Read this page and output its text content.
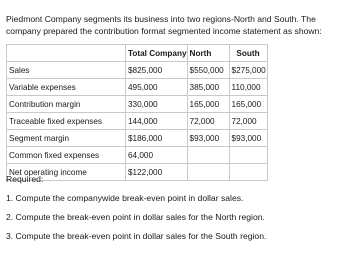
Piedmont Company segments its business into two regions-North and South. The company prepared the contribution format segmented income statement as shown:
	Total Company	North	South
Sales	$825,000	$550,000	$275,000
Variable expenses	495,000	385,000	110,000
Contribution margin	330,000	165,000	165,000
Traceable fixed expenses	144,000	72,000	72,000
Segment margin	$186,000	$93,000	$93,000
Common fixed expenses	64,000		
Net operating income	$122,000		
Required:
1. Compute the companywide break-even point in dollar sales.
2. Compute the break-even point in dollar sales for the North region.
3. Compute the break-even point in dollar sales for the South region.
